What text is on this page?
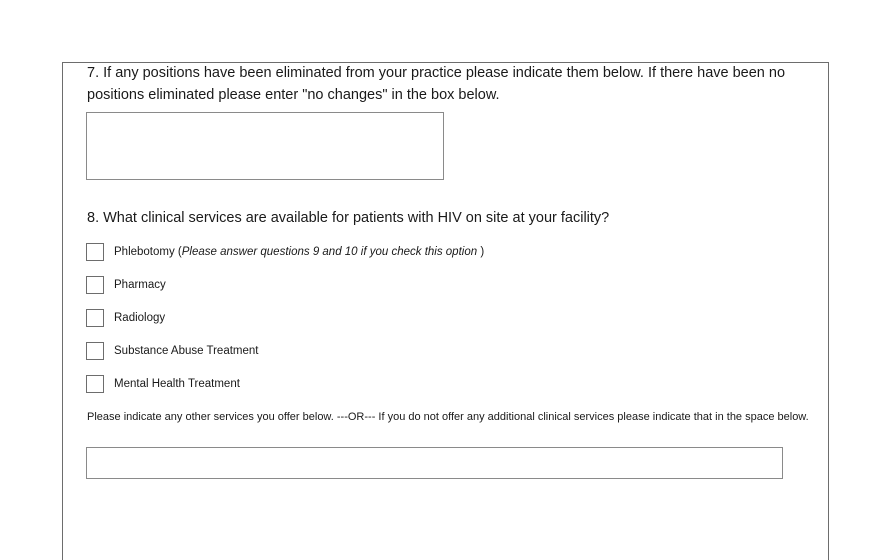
7. If any positions have been eliminated from your practice please indicate them below. If there have been no positions eliminated please enter "no changes" in the box below.
8. What clinical services are available for patients with HIV on site at your facility?
Phlebotomy (Please answer questions 9 and 10 if you check this option )
Pharmacy
Radiology
Substance Abuse Treatment
Mental Health Treatment
Please indicate any other services you offer below. ---OR--- If you do not offer any additional clinical services please indicate that in the space below.
